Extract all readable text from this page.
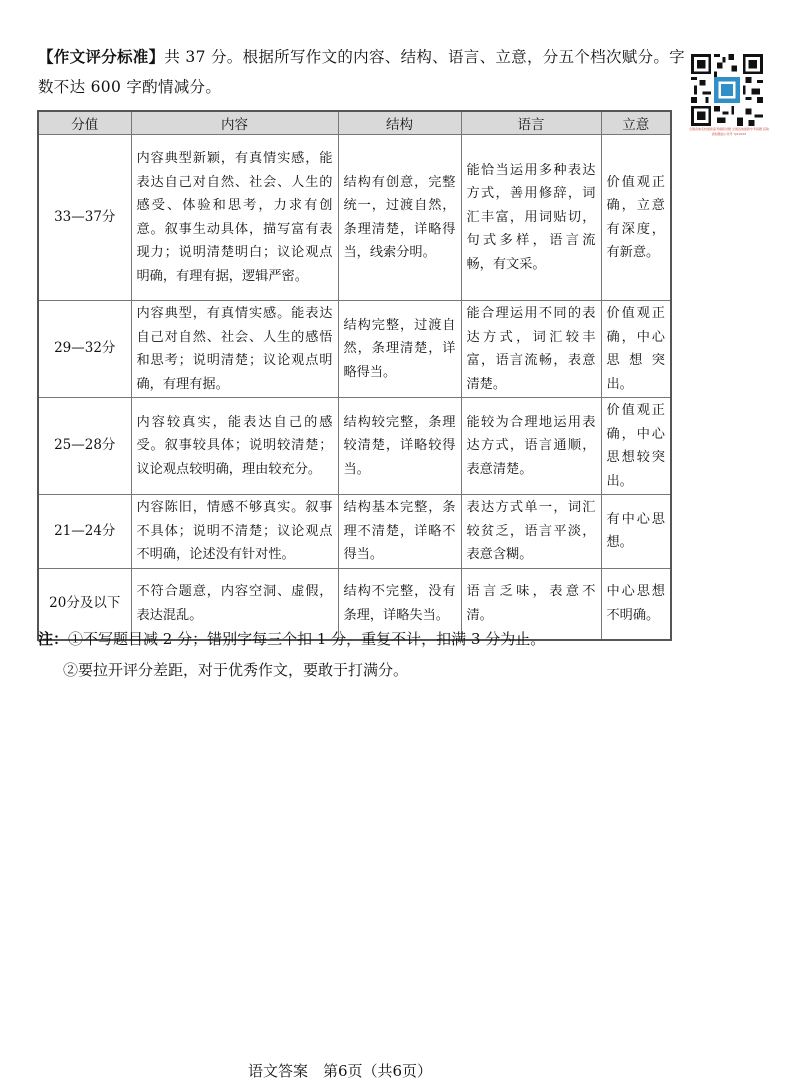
【作文评分标准】共 37 分。根据所写作文的内容、结构、语言、立意，分五个档次赋分。字数不达 600 字酌情减分。
全国各地名校最新高考模拟试题 全国各地最新中考真题 获取请加微信公众号 YJ21XXX
分值	内容	结构	语言	立意
33—37分	内容典型新颖，有真情实感，能表达自己对自然、社会、人生的感受、体验和思考，力求有创意。叙事生动具体，描写富有表现力；说明清楚明白；议论观点明确，有理有据，逻辑严密。	结构有创意，完整统一，过渡自然，条理清楚，详略得当，线索分明。	能恰当运用多种表达方式，善用修辞，词汇丰富，用词贴切，句式多样，语言流畅，有文采。	价值观正确，立意有深度，有新意。
29—32分	内容典型，有真情实感。能表达自己对自然、社会、人生的感悟和思考；说明清楚；议论观点明确，有理有据。	结构完整，过渡自然，条理清楚，详略得当。	能合理运用不同的表达方式，词汇较丰富，语言流畅，表意清楚。	价值观正确，中心思想突出。
25—28分	内容较真实，能表达自己的感受。叙事较具体；说明较清楚；议论观点较明确，理由较充分。	结构较完整，条理较清楚，详略较得当。	能较为合理地运用表达方式，语言通顺，表意清楚。	价值观正确，中心思想较突出。
21—24分	内容陈旧，情感不够真实。叙事不具体；说明不清楚；议论观点不明确，论述没有针对性。	结构基本完整，条理不清楚，详略不得当。	表达方式单一，词汇较贫乏，语言平淡，表意含糊。	有中心思想。
20分及以下	不符合题意，内容空洞、虚假，表达混乱。	结构不完整，没有条理，详略失当。	语言乏味，表意不清。	中心思想不明确。
注：①不写题目减 2 分；错别字每三个扣 1 分，重复不计，扣满 3 分为止。
②要拉开评分差距，对于优秀作文，要敢于打满分。
语文答案　第6页（共6页）
